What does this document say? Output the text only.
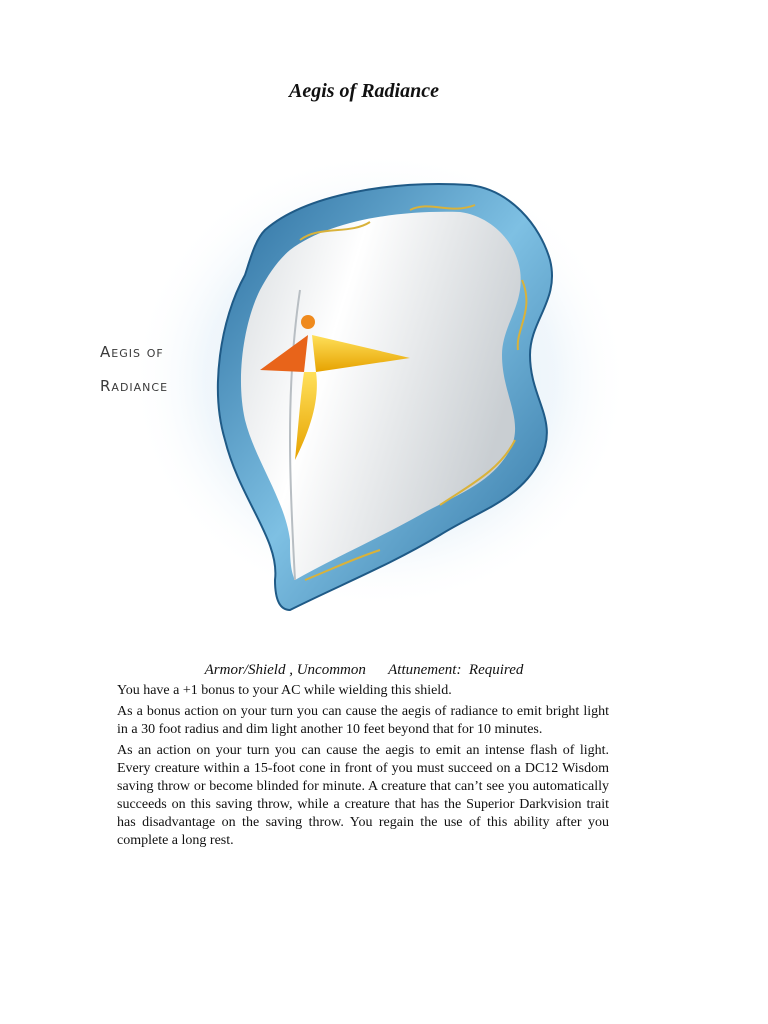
Aegis of Radiance
Aegis of
Radiance
Armor/Shield , Uncommon Attunement:  Required

You have a +1 bonus to your AC while wielding this shield.

As a bonus action on your turn you can cause the aegis of radiance to emit bright light in a 30 foot radius and dim light another 10 feet beyond that for 10 minutes.

As an action on your turn you can cause the aegis to emit an intense flash of light. Every creature within a 15-foot cone in front of you must succeed on a DC12 Wisdom saving throw or become blinded for minute. A creature that can’t see you automatically succeeds on this saving throw, while a creature that has the Superior Darkvision trait has disadvantage on the saving throw. You regain the use of this ability after you complete a long rest.
